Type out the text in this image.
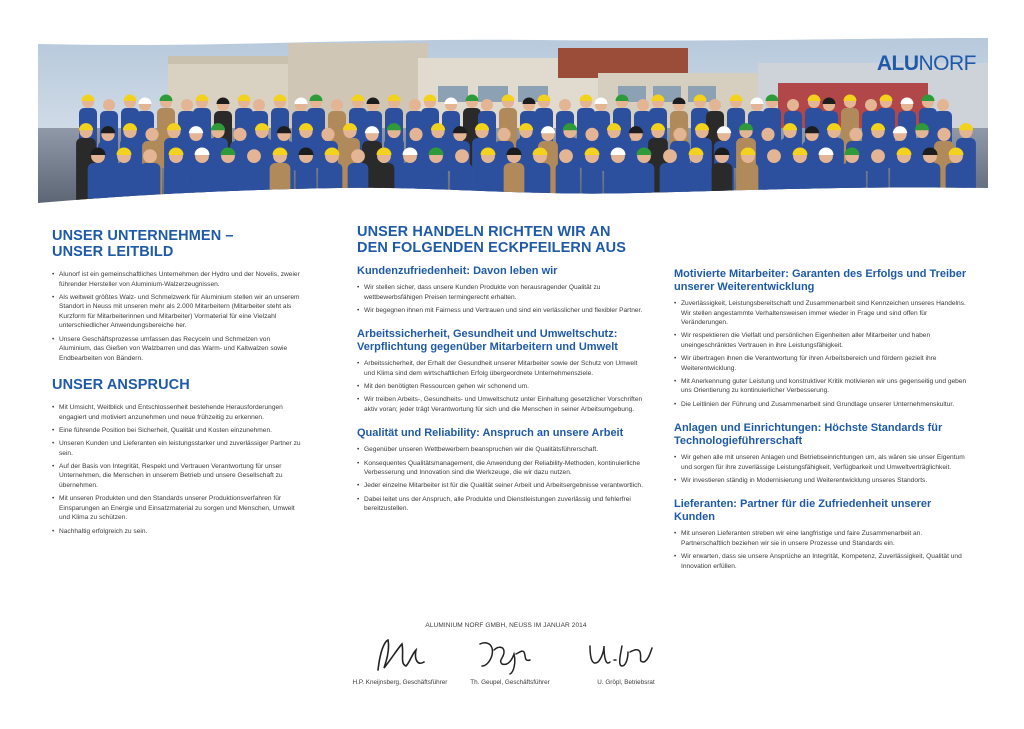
ALUNORF
UNSER UNTERNEHMEN –
UNSER LEITBILD
• Alunorf ist ein gemeinschaftliches Unternehmen der Hydro und der Novelis, zweier führender Hersteller von Aluminium-Walzerzeugnissen.
• Als weltweit größtes Walz- und Schmelzwerk für Aluminium stellen wir an unserem Standort in Neuss mit unseren mehr als 2.000 Mitarbeitern (Mitarbeiter steht als Kurzform für Mitarbeiterinnen und Mitarbeiter) Vormaterial für eine Vielzahl unterschiedlicher Anwendungsbereiche her.
• Unsere Geschäftsprozesse umfassen das Recyceln und Schmelzen von Aluminium, das Gießen von Walzbarren und das Warm- und Kaltwalzen sowie Endbearbeiten von Bändern.
UNSER ANSPRUCH
• Mit Umsicht, Weitblick und Entschlossenheit bestehende Herausforderungen engagiert und motiviert anzunehmen und neue frühzeitig zu erkennen.
• Eine führende Position bei Sicherheit, Qualität und Kosten einzunehmen.
• Unseren Kunden und Lieferanten ein leistungsstarker und zuverlässiger Partner zu sein.
• Auf der Basis von Integrität, Respekt und Vertrauen Verantwortung für unser Unternehmen, die Menschen in unserem Betrieb und unsere Gesellschaft zu übernehmen.
• Mit unseren Produkten und den Standards unserer Produktionsverfahren für Einsparungen an Energie und Einsatzmaterial zu sorgen und Menschen, Umwelt und Klima zu schützen.
• Nachhaltig erfolgreich zu sein.
UNSER HANDELN RICHTEN WIR AN
DEN FOLGENDEN ECKPFEILERN AUS
Kundenzufriedenheit: Davon leben wir
• Wir stellen sicher, dass unsere Kunden Produkte von herausragender Qualität zu wettbewerbsfähigen Preisen termingerecht erhalten.
• Wir begegnen ihnen mit Fairness und Vertrauen und sind ein verlässlicher und flexibler Partner.
Arbeitssicherheit, Gesundheit und Umweltschutz: Verpflichtung gegenüber Mitarbeitern und Umwelt
• Arbeitssicherheit, der Erhalt der Gesundheit unserer Mitarbeiter sowie der Schutz von Umwelt und Klima sind dem wirtschaftlichen Erfolg übergeordnete Unternehmensziele.
• Mit den benötigten Ressourcen gehen wir schonend um.
• Wir treiben Arbeits-, Gesundheits- und Umweltschutz unter Einhaltung gesetzlicher Vorschriften aktiv voran; jeder trägt Verantwortung für sich und die Menschen in seiner Arbeitsumgebung.
Qualität und Reliability: Anspruch an unsere Arbeit
• Gegenüber unseren Wettbewerbern beanspruchen wir die Qualitätsführerschaft.
• Konsequentes Qualitätsmanagement, die Anwendung der Reliability-Methoden, kontinuierliche Verbesserung und Innovation sind die Werkzeuge, die wir dazu nutzen.
• Jeder einzelne Mitarbeiter ist für die Qualität seiner Arbeit und Arbeitsergebnisse verantwortlich.
• Dabei leitet uns der Anspruch, alle Produkte und Dienstleistungen zuverlässig und fehlerfrei bereitzustellen.
Motivierte Mitarbeiter: Garanten des Erfolgs und Treiber unserer Weiterentwicklung
• Zuverlässigkeit, Leistungsbereitschaft und Zusammenarbeit sind Kennzeichen unseres Handelns. Wir stellen angestammte Verhaltensweisen immer wieder in Frage und sind offen für Veränderungen.
• Wir respektieren die Vielfalt und persönlichen Eigenheiten aller Mitarbeiter und haben uneingeschränktes Vertrauen in ihre Leistungsfähigkeit.
• Wir übertragen ihnen die Verantwortung für ihren Arbeitsbereich und fördern gezielt ihre Weiterentwicklung.
• Mit Anerkennung guter Leistung und konstruktiver Kritik motivieren wir uns gegenseitig und geben uns Orientierung zu kontinuierlicher Verbesserung.
• Die Leitlinien der Führung und Zusammenarbeit sind Grundlage unserer Unternehmenskultur.
Anlagen und Einrichtungen: Höchste Standards für Technologieführerschaft
• Wir gehen alle mit unseren Anlagen und Betriebseinrichtungen um, als wären sie unser Eigentum und sorgen für ihre zuverlässige Leistungsfähigkeit, Verfügbarkeit und Umweltverträglichkeit.
• Wir investieren ständig in Modernisierung und Weiterentwicklung unseres Standorts.
Lieferanten: Partner für die Zufriedenheit unserer Kunden
• Mit unseren Lieferanten streben wir eine langfristige und faire Zusammenarbeit an. Partnerschaftlich beziehen wir sie in unsere Prozesse und Standards ein.
• Wir erwarten, dass sie unsere Ansprüche an Integrität, Kompetenz, Zuverlässigkeit, Qualität und Innovation erfüllen.
ALUMINIUM NORF GMBH, NEUSS IM JANUAR 2014
H.P. Kneijnsberg, Geschäftsführer	Th. Geupel, Geschäftsführer	U. Gröpl, Betriebsrat
